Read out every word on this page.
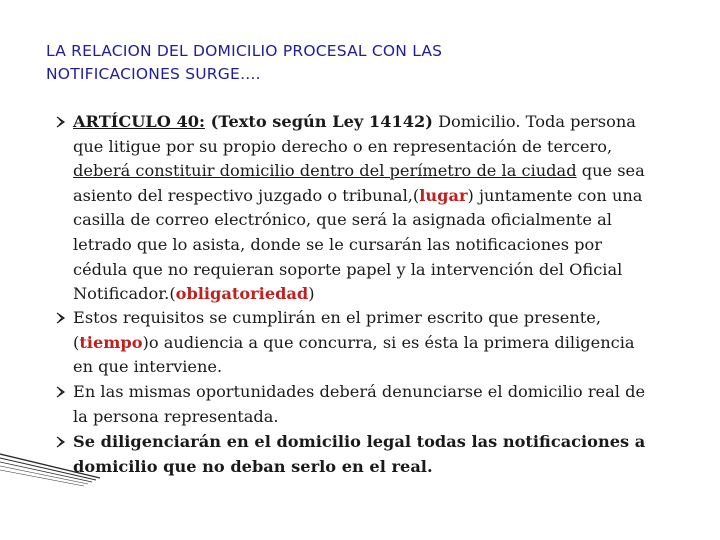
LA RELACION DEL DOMICILIO PROCESAL CON LAS
NOTIFICACIONES SURGE….
ARTÍCULO 40: (Texto según Ley 14142) Domicilio. Toda persona
que litigue por su propio derecho o en representación de tercero,
deberá constituir domicilio dentro del perímetro de la ciudad que sea
asiento del respectivo juzgado o tribunal,(lugar) juntamente con una
casilla de correo electrónico, que será la asignada oficialmente al
letrado que lo asista, donde se le cursarán las notificaciones por
cédula que no requieran soporte papel y la intervención del Oficial
Notificador.(obligatoriedad)
Estos requisitos se cumplirán en el primer escrito que presente,
(tiempo)o audiencia a que concurra, si es ésta la primera diligencia
en que interviene.
En las mismas oportunidades deberá denunciarse el domicilio real de
la persona representada.
Se diligenciarán en el domicilio legal todas las notificaciones a
domicilio que no deban serlo en el real.
